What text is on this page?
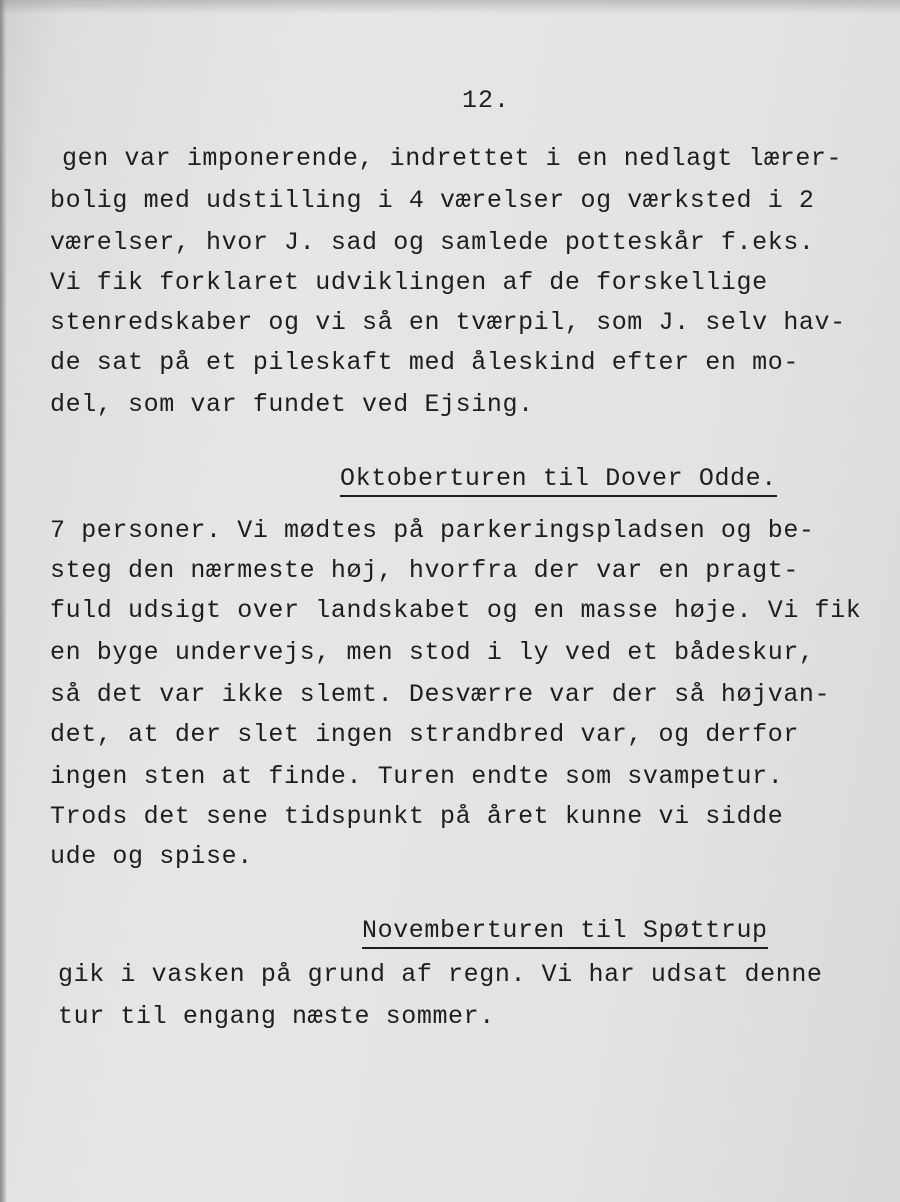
12.
gen var imponerende, indrettet i en nedlagt lærer-
bolig med udstilling i 4 værelser og værksted i 2
værelser, hvor J. sad og samlede potteskår f.eks.
Vi fik forklaret udviklingen af de forskellige
stenredskaber og vi så en tværpil, som J. selv hav-
de sat på et pileskaft med åleskind efter en mo-
del, som var fundet ved Ejsing.
Oktoberturen til Dover Odde.
7 personer. Vi mødtes på parkeringspladsen og be-
steg den nærmeste høj, hvorfra der var en pragt-
fuld udsigt over landskabet og en masse høje. Vi fik
en byge undervejs, men stod i ly ved et bådeskur,
så det var ikke slemt. Desværre var der så højvan-
det, at der slet ingen strandbred var, og derfor
ingen sten at finde. Turen endte som svampetur.
Trods det sene tidspunkt på året kunne vi sidde
ude og spise.
Novemberturen til Spøttrup
gik i vasken på grund af regn. Vi har udsat denne
tur til engang næste sommer.
